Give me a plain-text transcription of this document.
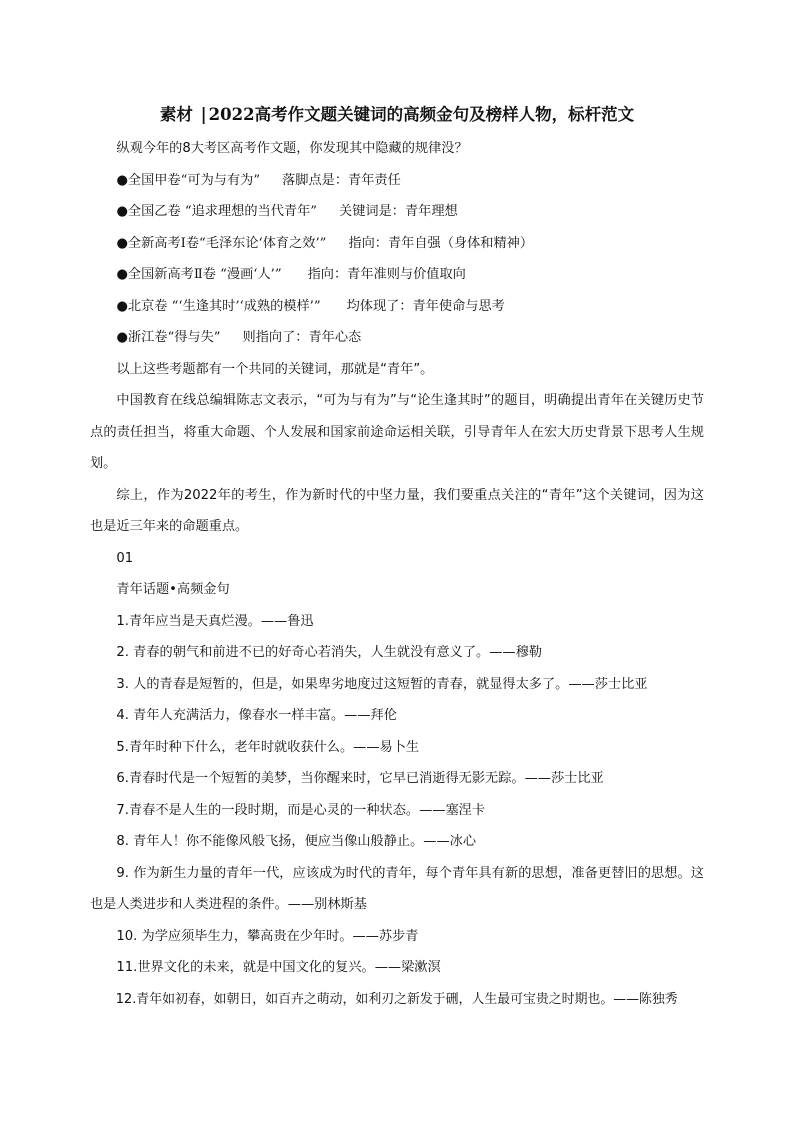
素材 | 2022高考作文题关键词的高频金句及榜样人物，标杆范文
纵观今年的8大考区高考作文题，你发现其中隐藏的规律没？
●全国甲卷“可为与有为” 落脚点是：青年责任
●全国乙卷 “追求理想的当代青年” 关键词是：青年理想
●全新高考Ⅰ卷“毛泽东论‘体育之效’” 指向：青年自强（身体和精神）
●全国新高考Ⅱ卷 “漫画‘人’” 指向：青年准则与价值取向
●北京卷 “‘生逢其时’‘成熟的模样’” 均体现了：青年使命与思考
●浙江卷“得与失” 则指向了：青年心态
以上这些考题都有一个共同的关键词，那就是“青年”。

中国教育在线总编辑陈志文表示，“可为与有为”与“论生逢其时”的题目，明确提出青年在关键历史节点的责任担当，将重大命题、个人发展和国家前途命运相关联，引导青年人在宏大历史背景下思考人生规划。

综上，作为2022年的考生，作为新时代的中坚力量，我们要重点关注的“青年”这个关键词，因为这也是近三年来的命题重点。

01
青年话题•高频金句
1.青年应当是天真烂漫。——鲁迅
2. 青春的朝气和前进不已的好奇心若消失，人生就没有意义了。——穆勒
3. 人的青春是短暂的，但是，如果卑劣地度过这短暂的青春，就显得太多了。——莎士比亚
4. 青年人充满活力，像春水一样丰富。——拜伦
5.青年时种下什么，老年时就收获什么。——易卜生
6.青春时代是一个短暂的美梦，当你醒来时，它早已消逝得无影无踪。——莎士比亚
7.青春不是人生的一段时期，而是心灵的一种状态。——塞涅卡
8. 青年人！你不能像风般飞扬，便应当像山般静止。——冰心

9. 作为新生力量的青年一代，应该成为时代的青年，每个青年具有新的思想，准备更替旧的思想。这也是人类进步和人类进程的条件。——别林斯基

10. 为学应须毕生力，攀高贵在少年时。——苏步青
11.世界文化的未来，就是中国文化的复兴。——梁漱溟
12.青年如初春，如朝日，如百卉之萌动，如利刃之新发于硎，人生最可宝贵之时期也。——陈独秀
